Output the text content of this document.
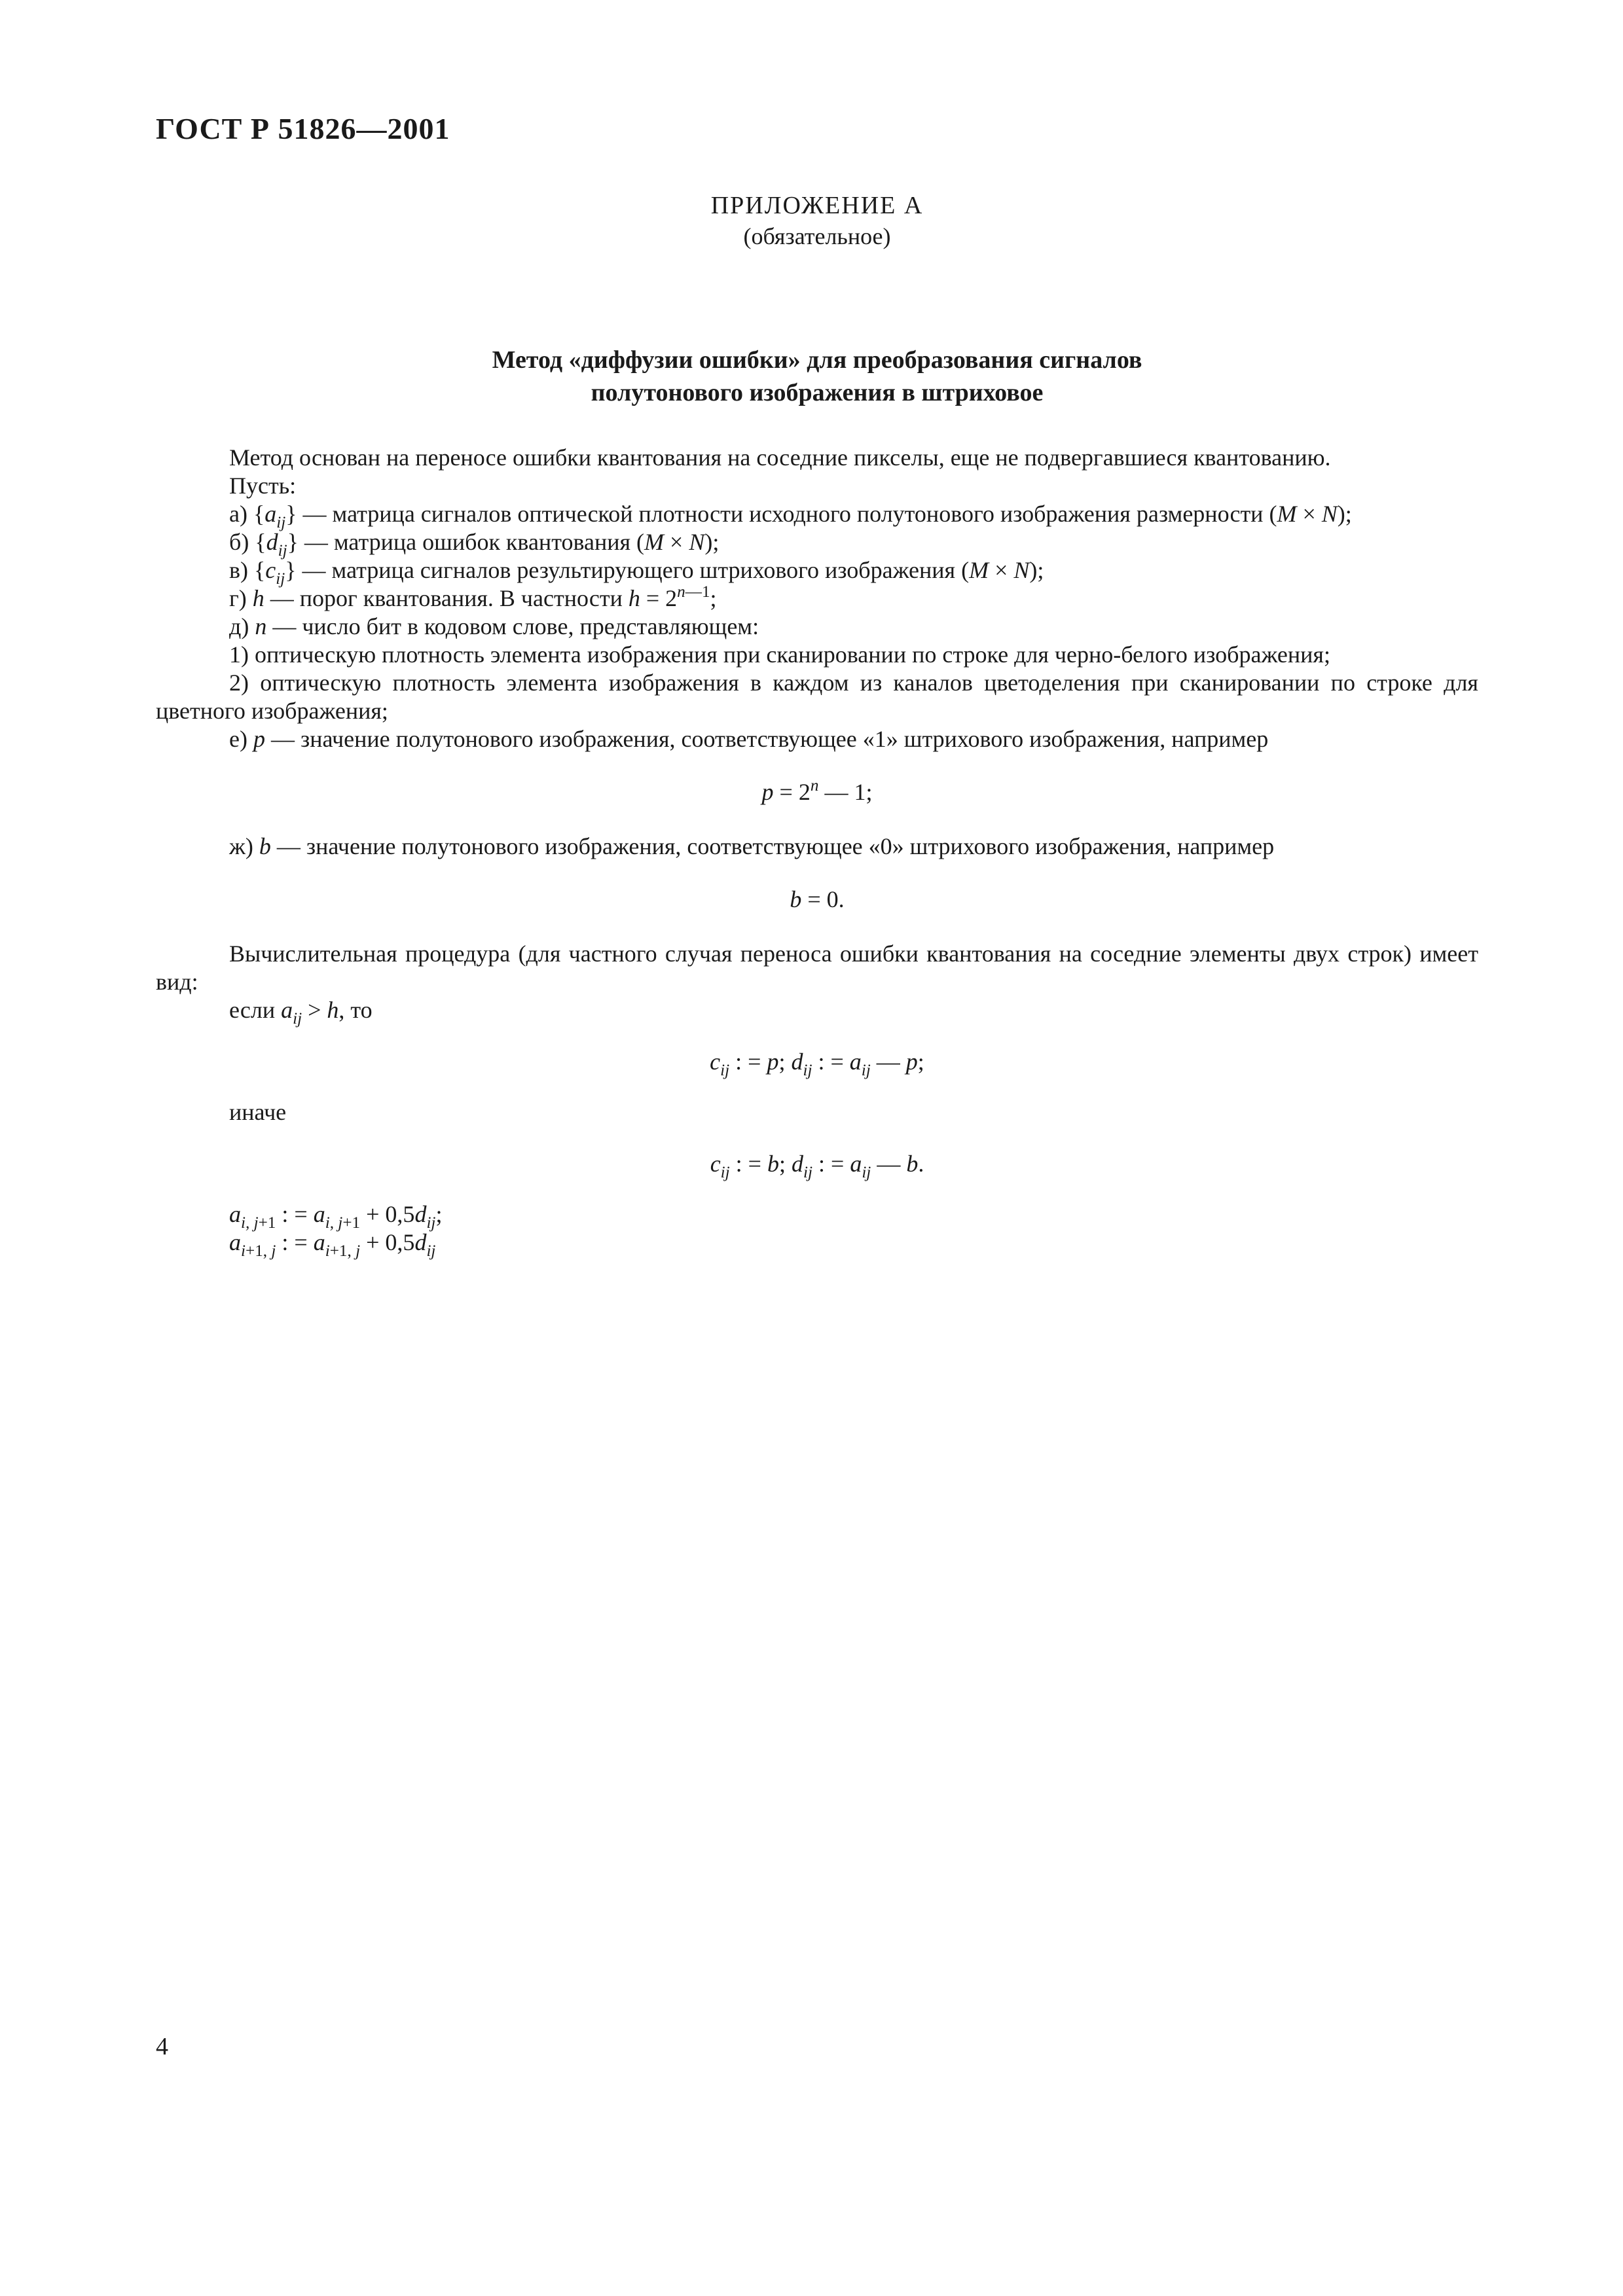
ГОСТ Р 51826—2001
ПРИЛОЖЕНИЕ А
(обязательное)
Метод «диффузии ошибки» для преобразования сигналов
полутонового изображения в штриховое

Метод основан на переносе ошибки квантования на соседние пикселы, еще не подвергавшиеся квантованию.

Пусть:

а) $\{a_{ij}\}$ — матрица сигналов оптической плотности исходного полутонового изображения размерности (M × N);

б) $\{d_{ij}\}$ — матрица ошибок квантования (M × N);

в) $\{c_{ij}\}$ — матрица сигналов результирующего штрихового изображения (M × N);

г) h — порог квантования. В частности $h = 2^{n—1}$;

д) n — число бит в кодовом слове, представляющем:

1) оптическую плотность элемента изображения при сканировании по строке для черно-белого изображения;

2) оптическую плотность элемента изображения в каждом из каналов цветоделения при сканировании по строке для цветного изображения;

е) p — значение полутонового изображения, соответствующее «1» штрихового изображения, например

$p = 2^n$ — 1;

ж) b — значение полутонового изображения, соответствующее «0» штрихового изображения, например

b = 0.

Вычислительная процедура (для частного случая переноса ошибки квантования на соседние элементы двух строк) имеет вид:

если $a_{ij} > h$, то

$c_{ij}$ : = p; $d_{ij}$ : = $a_{ij}$ — p;

иначе

$c_{ij}$ : = b; $d_{ij}$ : = $a_{ij}$ — b.
$a_{i, j+1}$ : = $a_{i, j+1} + 0,5d_{ij}$;
$a_{i+1, j}$ : = $a_{i+1, j} + 0,5d_{ij}$
4
